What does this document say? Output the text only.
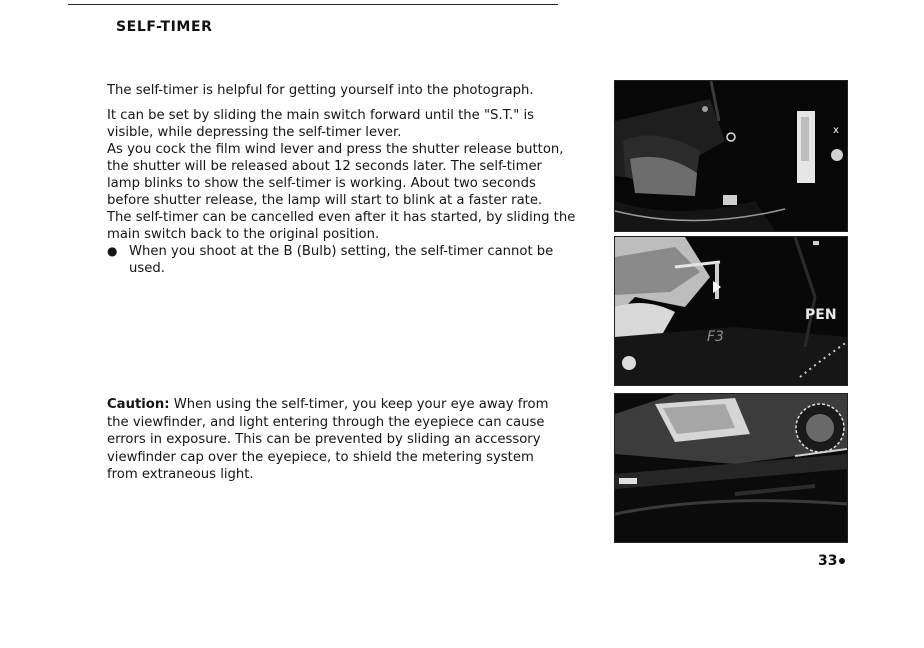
SELF-TIMER

The self-timer is helpful for getting yourself into the photograph.

It can be set by sliding the main switch forward until the "S.T." is
visible, while depressing the self-timer lever.
As you cock the film wind lever and press the shutter release button,
the shutter will be released about 12 seconds later. The self-timer
lamp blinks to show the self-timer is working. About two seconds
before shutter release, the lamp will start to blink at a faster rate.
The self-timer can be cancelled even after it has started, by sliding the
main switch back to the original position.
● When you shoot at the B (Bulb) setting, the self-timer cannot be
used.
Caution: When using the self-timer, you keep your eye away from
the viewfinder, and light entering through the eyepiece can cause
errors in exposure. This can be prevented by sliding an accessory
viewfinder cap over the eyepiece, to shield the metering system
from extraneous light.
x
PEN
F3
33
